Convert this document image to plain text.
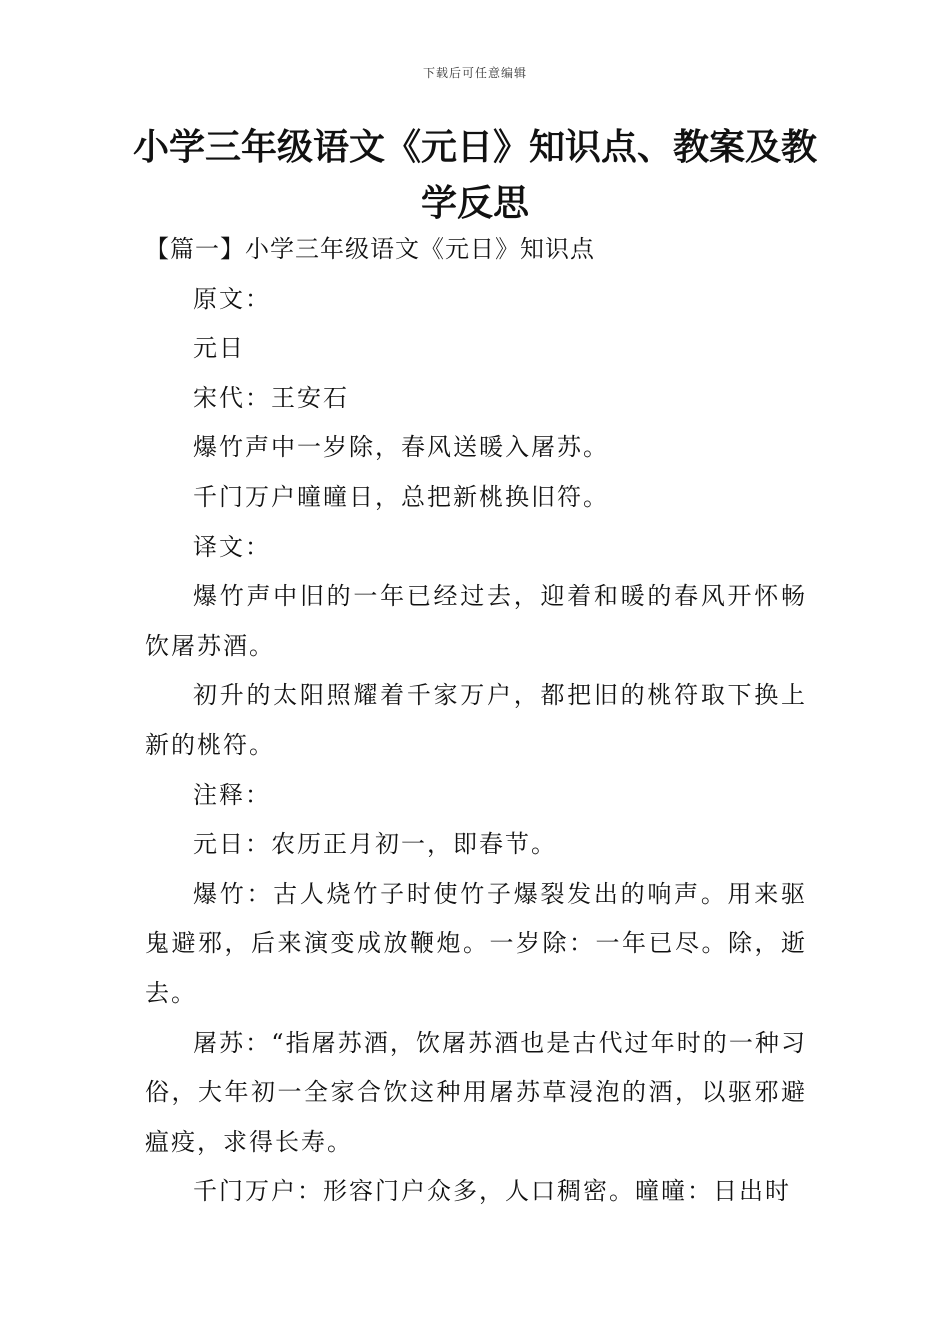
下载后可任意编辑
小学三年级语文《元日》知识点、教案及教学反思

【篇一】小学三年级语文《元日》知识点

原文：

元日

宋代：王安石

爆竹声中一岁除，春风送暖入屠苏。

千门万户曈曈日，总把新桃换旧符。

译文：

爆竹声中旧的一年已经过去，迎着和暖的春风开怀畅饮屠苏酒。

初升的太阳照耀着千家万户，都把旧的桃符取下换上新的桃符。

注释：

元日：农历正月初一，即春节。

爆竹：古人烧竹子时使竹子爆裂发出的响声。用来驱鬼避邪，后来演变成放鞭炮。一岁除：一年已尽。除，逝去。

屠苏：“指屠苏酒，饮屠苏酒也是古代过年时的一种习俗，大年初一全家合饮这种用屠苏草浸泡的酒，以驱邪避瘟疫，求得长寿。

千门万户：形容门户众多，人口稠密。曈曈：日出时
